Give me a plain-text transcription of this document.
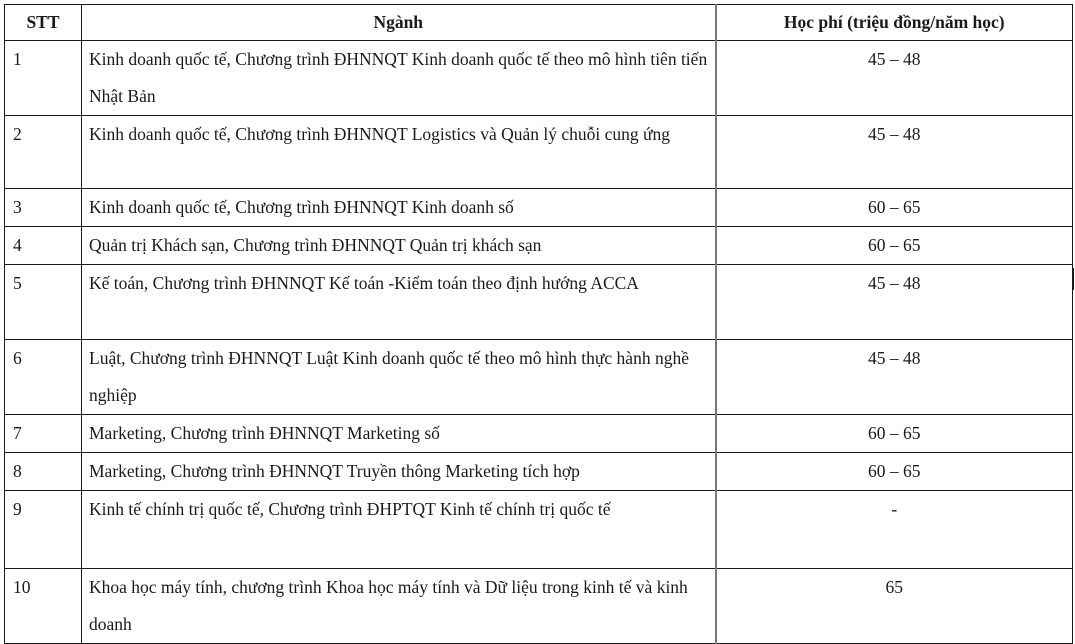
STT	Ngành	Học phí (triệu đồng/năm học)
1	Kinh doanh quốc tế, Chương trình ĐHNNQT Kinh doanh quốc tế theo mô hình tiên tiến Nhật Bản	45 – 48
2	Kinh doanh quốc tế, Chương trình ĐHNNQT Logistics và Quản lý chuỗi cung ứng	45 – 48
3	Kinh doanh quốc tế, Chương trình ĐHNNQT Kinh doanh số	60 – 65
4	Quản trị Khách sạn, Chương trình ĐHNNQT Quản trị khách sạn	60 – 65
5	Kế toán, Chương trình ĐHNNQT Kế toán -Kiểm toán theo định hướng ACCA	45 – 48
6	Luật, Chương trình ĐHNNQT Luật Kinh doanh quốc tế theo mô hình thực hành nghề nghiệp	45 – 48
7	Marketing, Chương trình ĐHNNQT Marketing số	60 – 65
8	Marketing, Chương trình ĐHNNQT Truyền thông Marketing tích hợp	60 – 65
9	Kinh tế chính trị quốc tế, Chương trình ĐHPTQT Kinh tế chính trị quốc tế	-
10	Khoa học máy tính, chương trình Khoa học máy tính và Dữ liệu trong kinh tế và kinh doanh	65
